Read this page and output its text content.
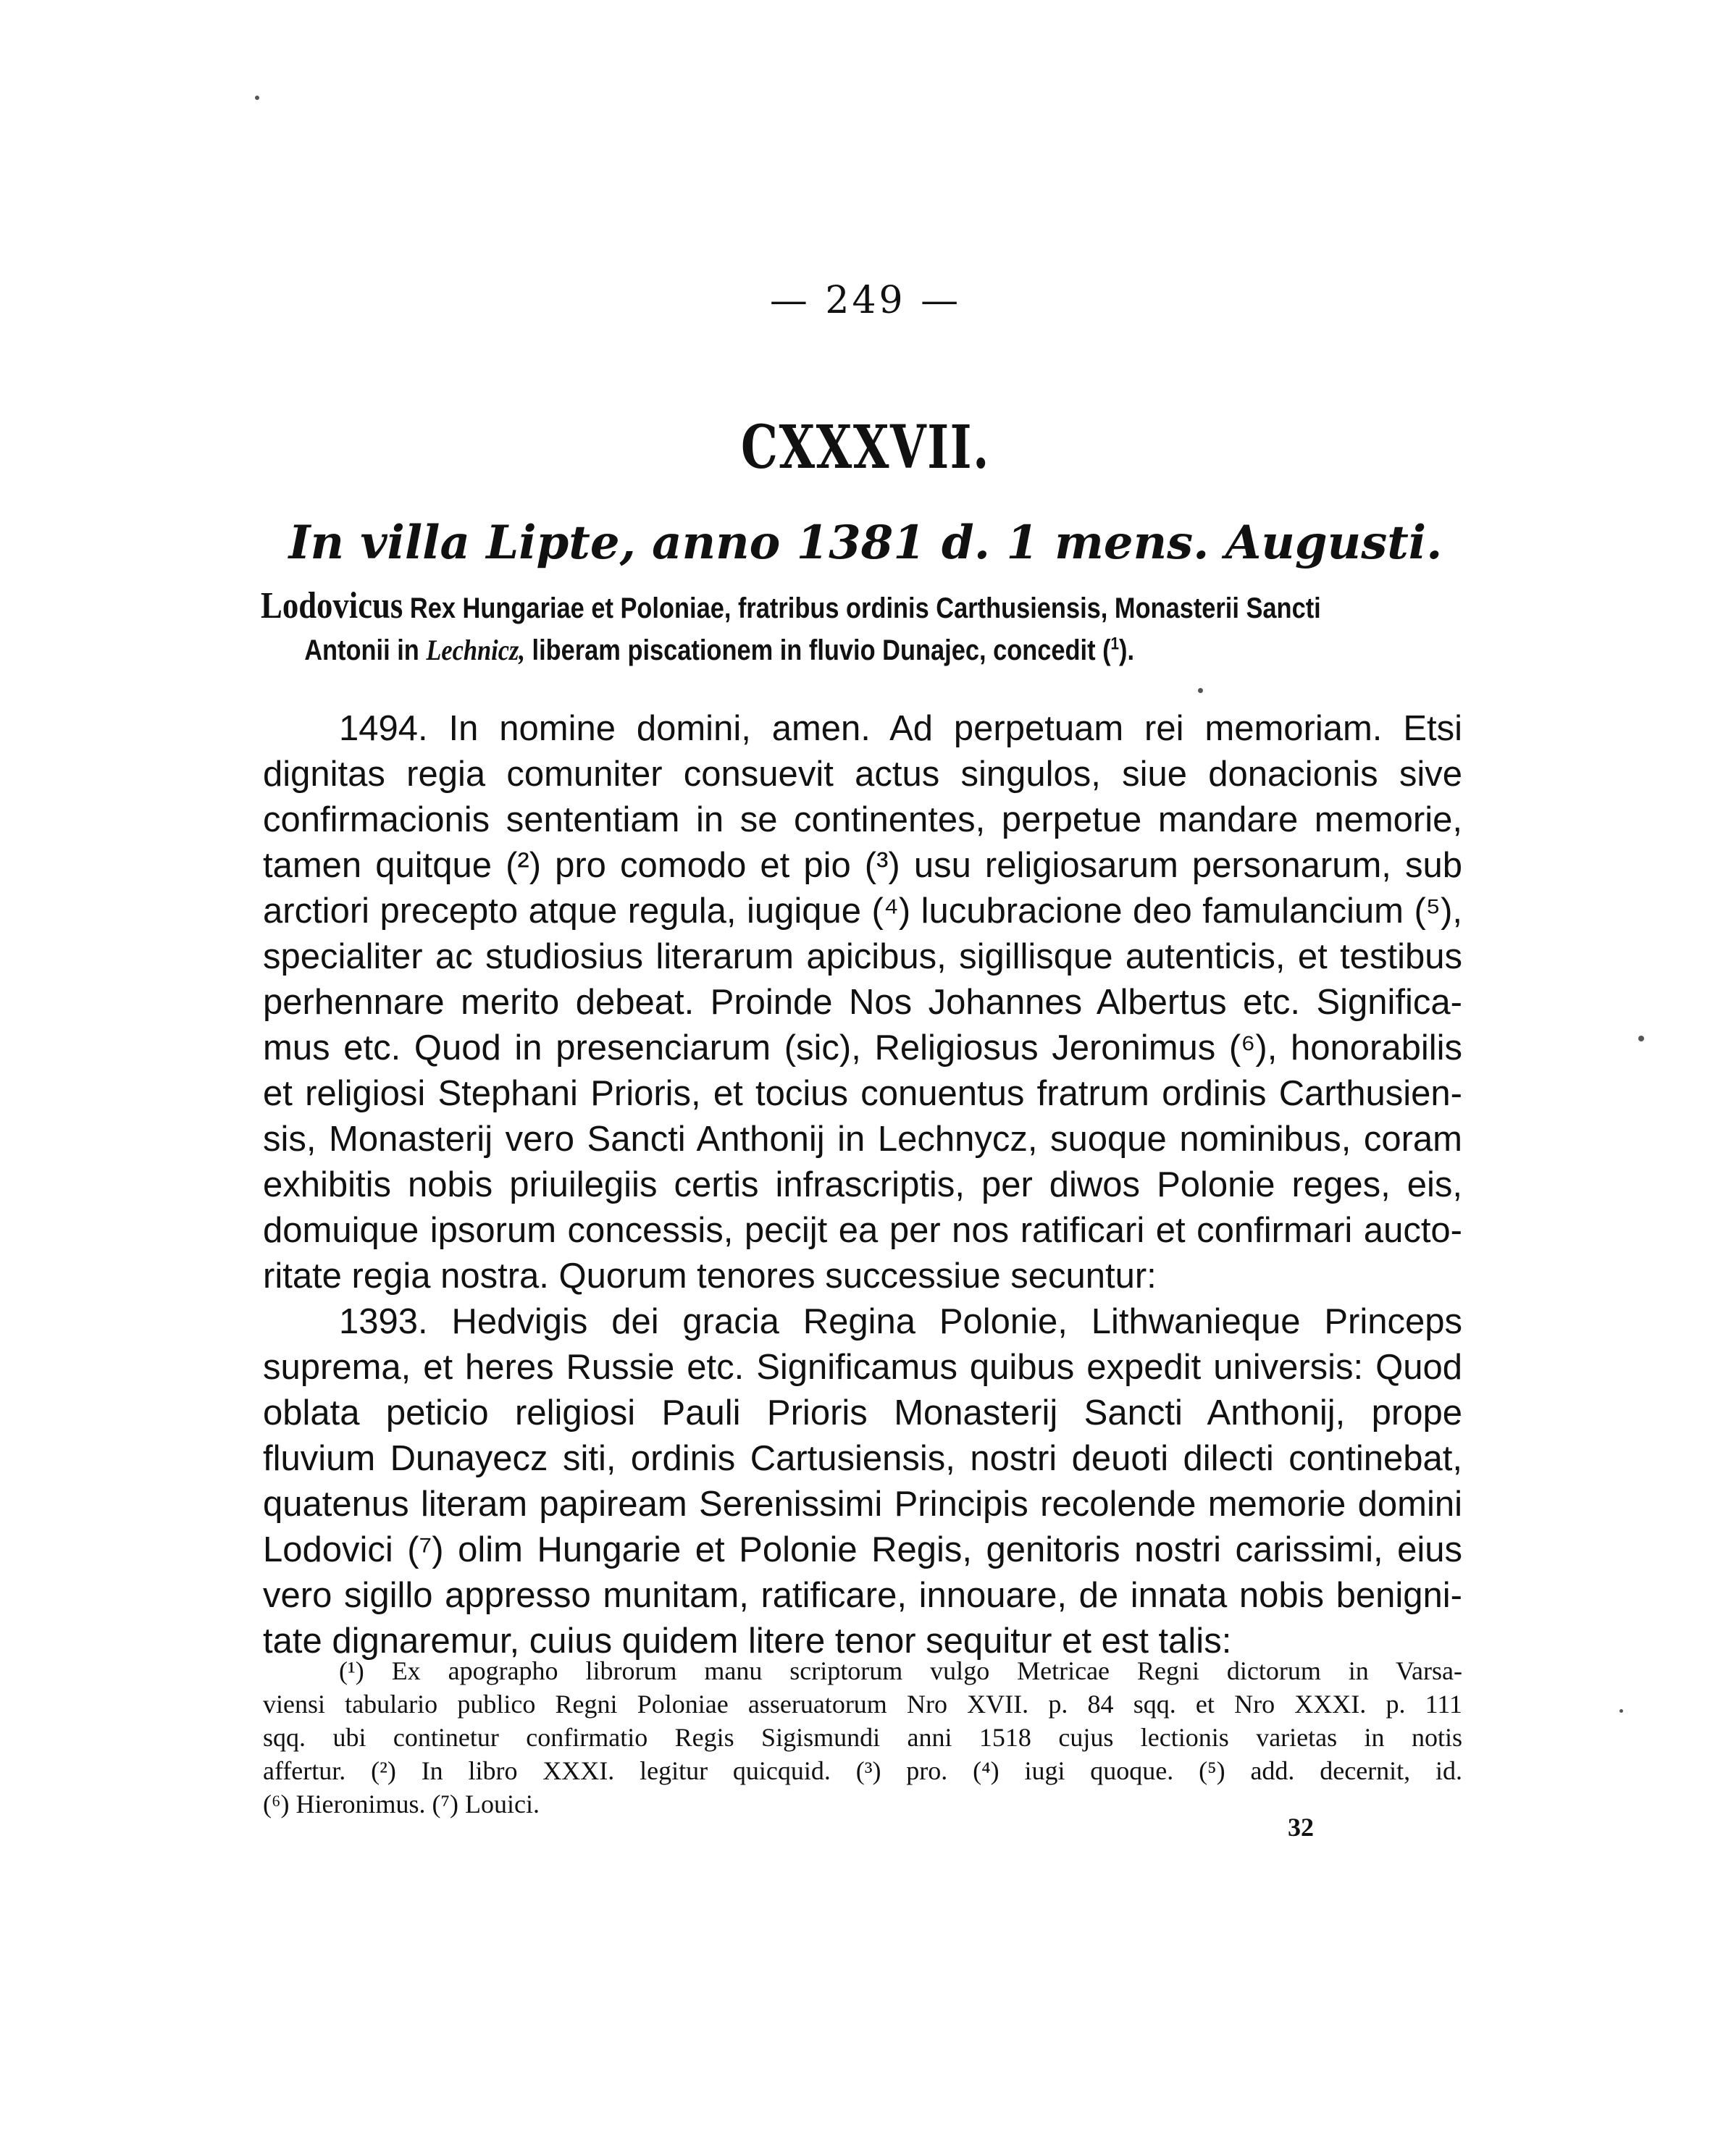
— 249 —
CXXXVII.
In villa Lipte, anno 1381 d. 1 mens. Augusti.
Lodovicus Rex Hungariae et Poloniae, fratribus ordinis Carthusiensis, Monasterii Sancti
Antonii in Lechnicz, liberam piscationem in fluvio Dunajec, concedit ($^1$).
1494. In nomine domini, amen. Ad perpetuam rei memoriam. Etsi
dignitas regia comuniter consuevit actus singulos, siue donacionis sive
confirmacionis sententiam in se continentes, perpetue mandare memorie,
tamen quitque (²) pro comodo et pio (³) usu religiosarum personarum, sub
arctiori precepto atque regula, iugique (⁴) lucubracione deo famulancium (⁵),
specialiter ac studiosius literarum apicibus, sigillisque autenticis, et testibus
perhennare merito debeat. Proinde Nos Johannes Albertus etc. Significa-
mus etc. Quod in presenciarum (sic), Religiosus Jeronimus (⁶), honorabilis
et religiosi Stephani Prioris, et tocius conuentus fratrum ordinis Carthusien-
sis, Monasterij vero Sancti Anthonij in Lechnycz, suoque nominibus, coram
exhibitis nobis priuilegiis certis infrascriptis, per diwos Polonie reges, eis,
domuique ipsorum concessis, pecijt ea per nos ratificari et confirmari aucto-
ritate regia nostra. Quorum tenores successiue secuntur:
1393. Hedvigis dei gracia Regina Polonie, Lithwanieque Princeps
suprema, et heres Russie etc. Significamus quibus expedit universis: Quod
oblata peticio religiosi Pauli Prioris Monasterij Sancti Anthonij, prope
fluvium Dunayecz siti, ordinis Cartusiensis, nostri deuoti dilecti continebat,
quatenus literam papiream Serenissimi Principis recolende memorie domini
Lodovici (⁷) olim Hungarie et Polonie Regis, genitoris nostri carissimi, eius
vero sigillo appresso munitam, ratificare, innouare, de innata nobis benigni-
tate dignaremur, cuius quidem litere tenor sequitur et est talis:
(¹) Ex apographo librorum manu scriptorum vulgo Metricae Regni dictorum in Varsa-
viensi tabulario publico Regni Poloniae asseruatorum Nro XVII. p. 84 sqq. et Nro XXXI. p. 111
sqq. ubi continetur confirmatio Regis Sigismundi anni 1518 cujus lectionis varietas in notis
affertur. (²) In libro XXXI. legitur quicquid. (³) pro. (⁴) iugi quoque. (⁵) add. decernit, id.
(⁶) Hieronimus. (⁷) Louici.
32
